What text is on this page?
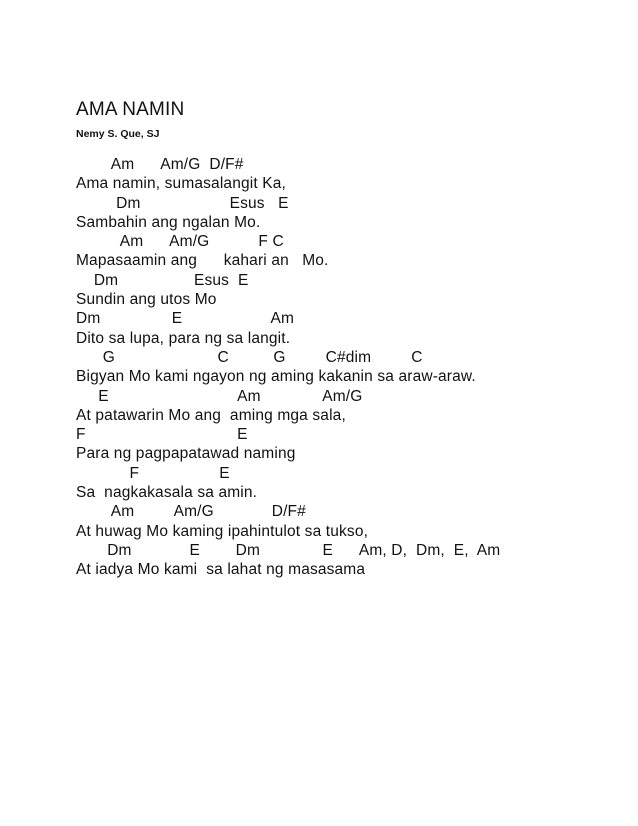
AMA NAMIN
Nemy S. Que, SJ
Am      Am/G  D/F#
Ama namin, sumasalangit Ka,
Dm                    Esus   E
Sambahin ang ngalan Mo.
Am      Am/G           F C
Mapasaamin ang      kahari an   Mo.
Dm                 Esus  E
Sundin ang utos Mo
Dm                E                    Am
Dito sa lupa, para ng sa langit.
G                       C          G         C#dim         C
Bigyan Mo kami ngayon ng aming kakanin sa araw-araw.
E                             Am              Am/G
At patawarin Mo ang  aming mga sala,
F                                  E
Para ng pagpapatawad naming
F                  E
Sa  nagkakasala sa amin.
Am         Am/G             D/F#
At huwag Mo kaming ipahintulot sa tukso,
Dm             E        Dm              E      Am, D,  Dm,  E,  Am
At iadya Mo kami  sa lahat ng masasama
